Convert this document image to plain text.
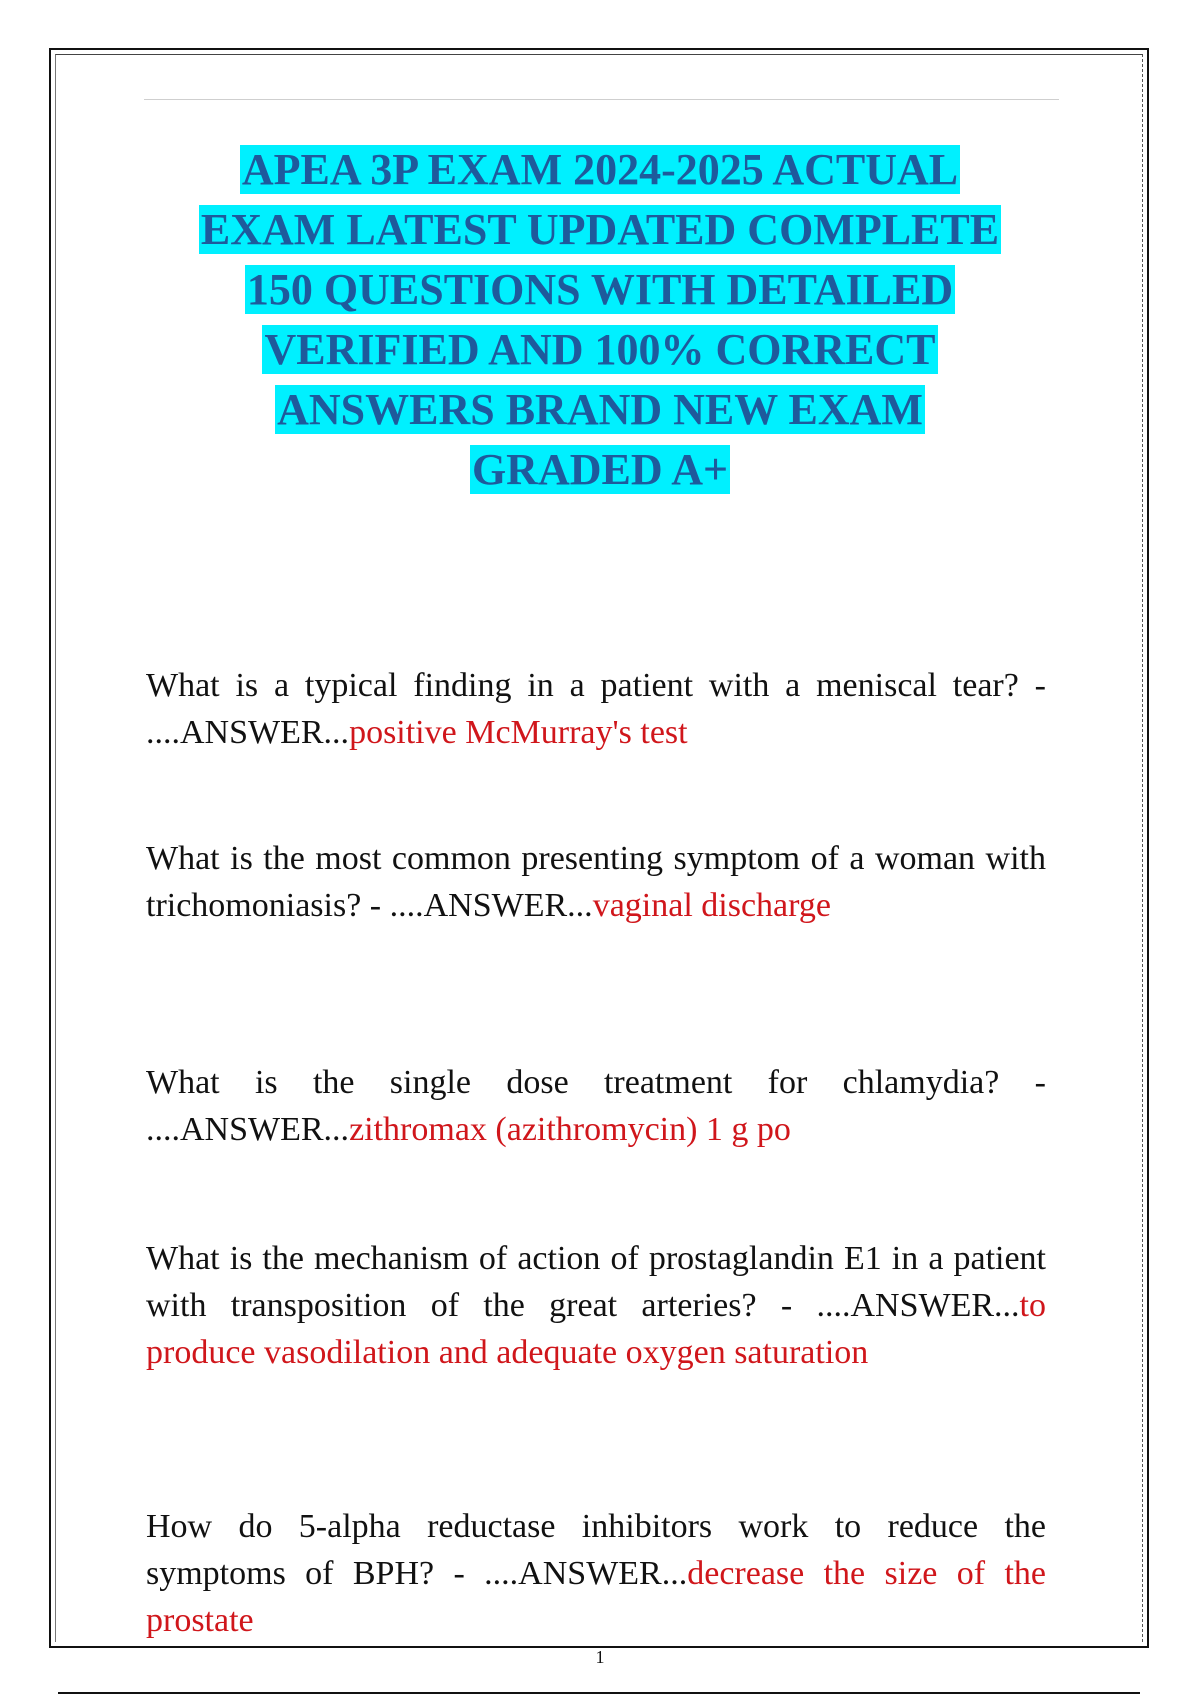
APEA 3P EXAM 2024-2025 ACTUAL
EXAM LATEST UPDATED COMPLETE
150 QUESTIONS WITH DETAILED
VERIFIED AND 100% CORRECT
ANSWERS BRAND NEW EXAM
GRADED A+
What is a typical finding in a patient with a meniscal tear? - ....ANSWER...positive McMurray's test
What is the most common presenting symptom of a woman with trichomoniasis? - ....ANSWER...vaginal discharge
What is the single dose treatment for chlamydia? - ....ANSWER...zithromax (azithromycin) 1 g po
What is the mechanism of action of prostaglandin E1 in a patient with transposition of the great arteries? - ....ANSWER...to produce vasodilation and adequate oxygen saturation
How do 5-alpha reductase inhibitors work to reduce the symptoms of BPH? - ....ANSWER...decrease the size of the prostate
1
